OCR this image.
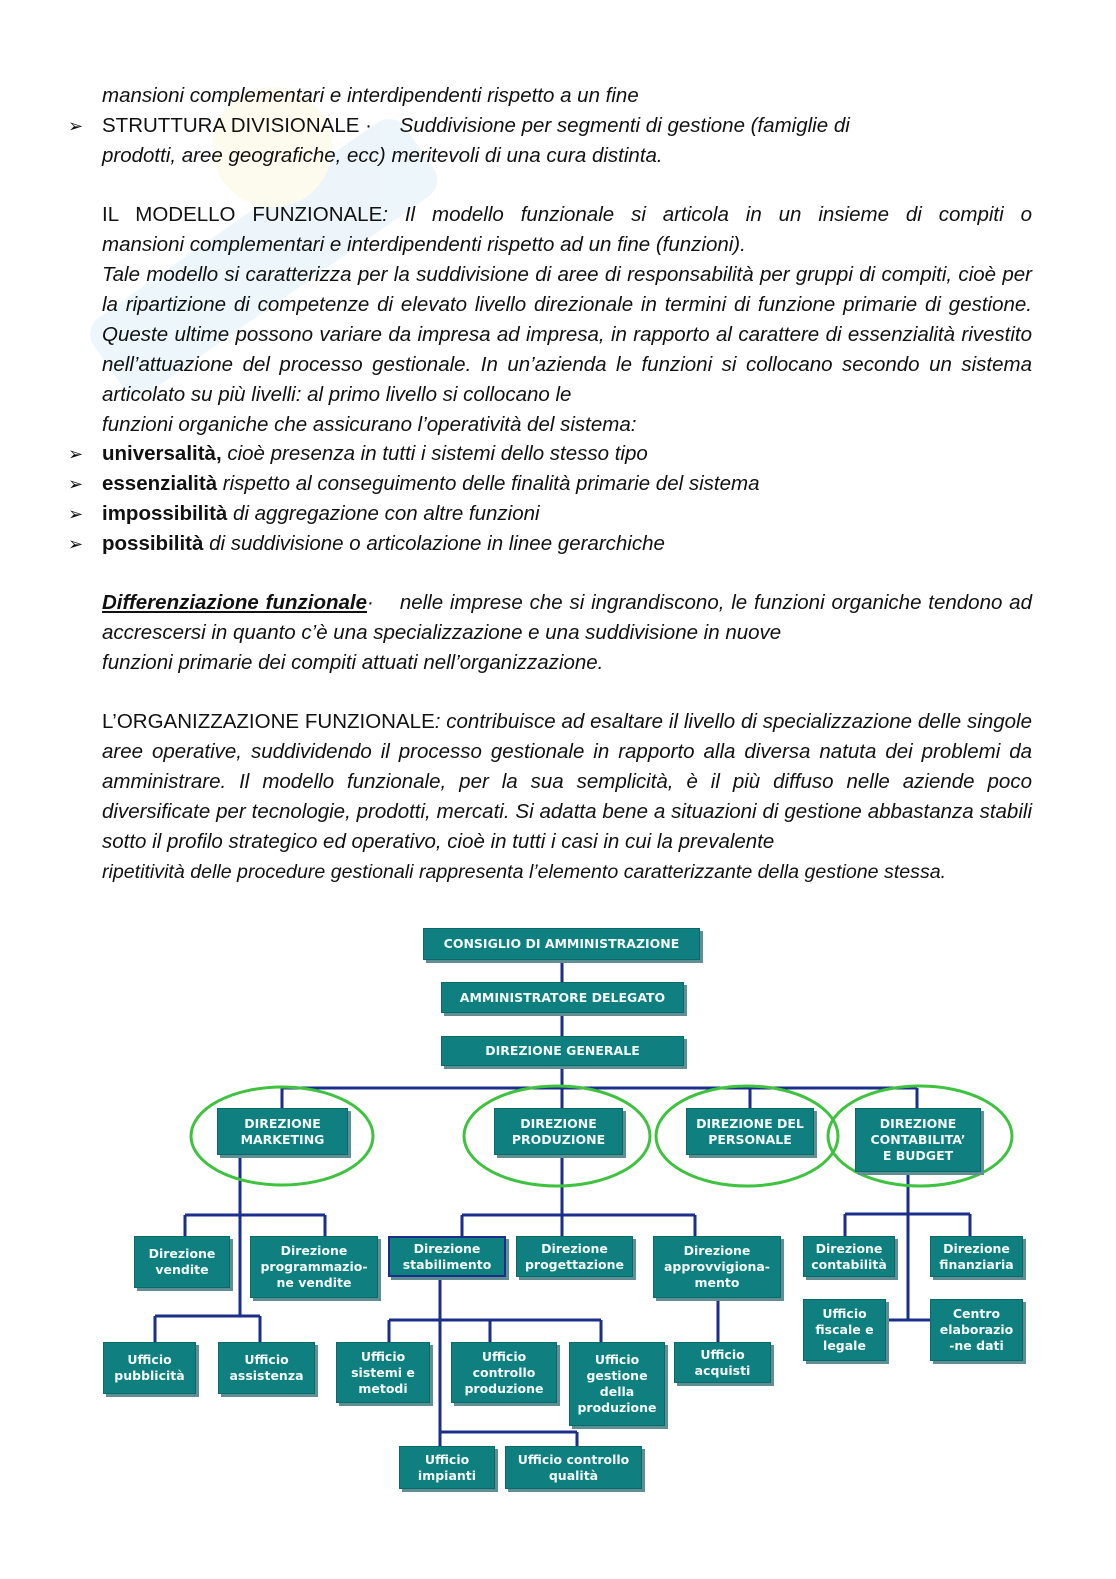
mansioni complementari e interdipendenti rispetto a un fine
➢ STRUTTURA DIVISIONALE · Suddivisione per segmenti di gestione (famiglie di
prodotti, aree geografiche, ecc) meritevoli di una cura distinta.
IL MODELLO FUNZIONALE: Il modello funzionale si articola in un insieme di compiti o
mansioni complementari e interdipendenti rispetto ad un fine (funzioni).
Tale modello si caratterizza per la suddivisione di aree di responsabilità per gruppi di compiti, cioè per la ripartizione di competenze di elevato livello direzionale in termini di funzione primarie di gestione. Queste ultime possono variare da impresa ad impresa, in rapporto al carattere di essenzialità rivestito nell’attuazione del processo gestionale. In un’azienda le funzioni si collocano secondo un sistema articolato su più livelli: al primo livello si collocano le
funzioni organiche che assicurano l’operatività del sistema:
➢
➢
➢
➢
universalità, cioè presenza in tutti i sistemi dello stesso tipo
essenzialità rispetto al conseguimento delle finalità primarie del sistema
impossibilità di aggregazione con altre funzioni
possibilità di suddivisione o articolazione in linee gerarchiche
Differenziazione funzionale· nelle imprese che si ingrandiscono, le funzioni organiche tendono ad accrescersi in quanto c’è una specializzazione e una suddivisione in nuove
funzioni primarie dei compiti attuati nell’organizzazione.
L’ORGANIZZAZIONE FUNZIONALE: contribuisce ad esaltare il livello di specializzazione delle singole aree operative, suddividendo il processo gestionale in rapporto alla diversa natuta dei problemi da amministrare. Il modello funzionale, per la sua semplicità, è il più diffuso nelle aziende poco diversificate per tecnologie, prodotti, mercati. Si adatta bene a situazioni di gestione abbastanza stabili sotto il profilo strategico ed operativo, cioè in tutti i casi in cui la prevalente
ripetitività delle procedure gestionali rappresenta l’elemento caratterizzante della gestione stessa.
CONSIGLIO DI AMMINISTRAZIONE
AMMINISTRATORE DELEGATO
DIREZIONE GENERALE
DIREZIONE
MARKETING
DIREZIONE
PRODUZIONE
DIREZIONE DEL
PERSONALE
DIREZIONE
CONTABILITA’
E BUDGET
Direzione
vendite
Direzione
programmazio-
ne vendite
Direzione
stabilimento
Direzione
progettazione
Direzione
approvvigiona-
mento
Direzione
contabilità
Direzione
finanziaria
Ufficio
fiscale e
legale
Centro
elaborazio
-ne dati
Ufficio
pubblicità
Ufficio
assistenza
Ufficio
sistemi e
metodi
Ufficio
controllo
produzione
Ufficio
gestione
della
produzione
Ufficio
acquisti
Ufficio
impianti
Ufficio controllo
qualità
